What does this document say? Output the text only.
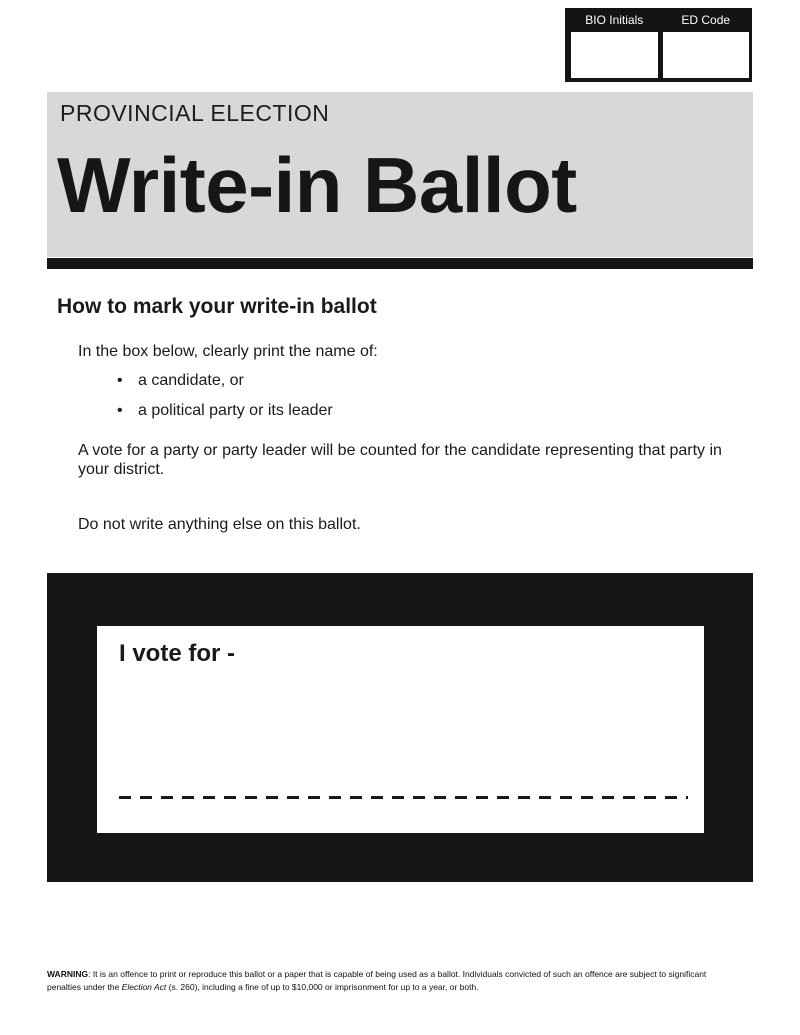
BIO Initials	ED Code
PROVINCIAL ELECTION
Write-in Ballot
How to mark your write-in ballot

In the box below, clearly print the name of:

• a candidate, or
• a political party or its leader

A vote for a party or party leader will be counted for the candidate representing that party in
your district.

Do not write anything else on this ballot.

I vote for -

WARNING: It is an offence to print or reproduce this ballot or a paper that is capable of being used as a ballot. Individuals convicted of such an offence are subject to significant penalties under the Election Act (s. 260), including a fine of up to $10,000 or imprisonment for up to a year, or both.
